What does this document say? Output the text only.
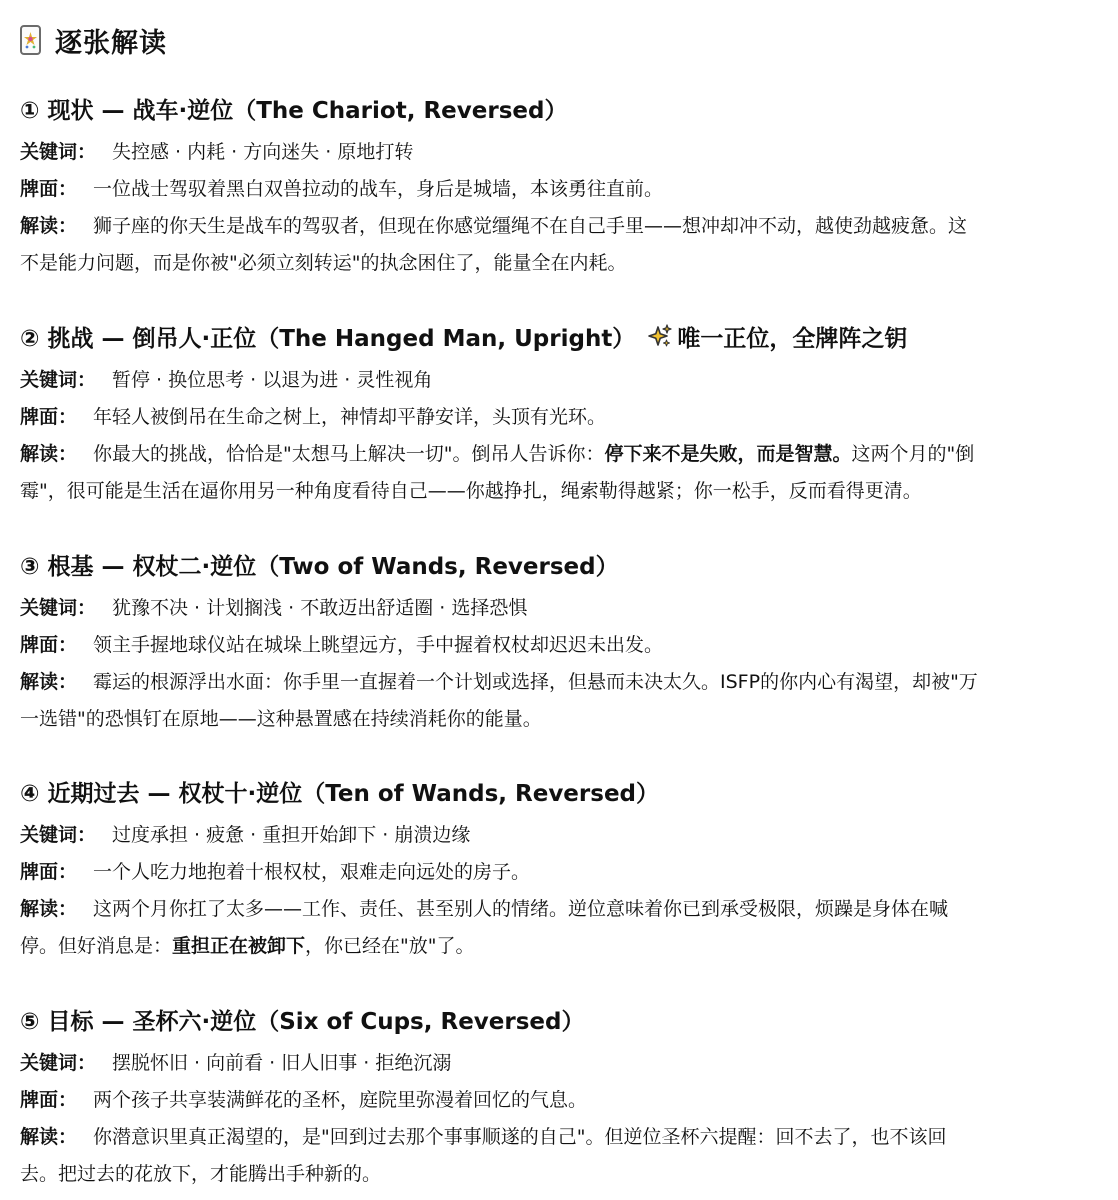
逐张解读
① 现状 — 战车·逆位 （The Chariot, Reversed）
关键词： 失控感 · 内耗 · 方向迷失 · 原地打转
牌面： 一位战士驾驭着黑白双兽拉动的战车，身后是城墙，本该勇往直前。
解读： 狮子座的你天生是战车的驾驭者，但现在你感觉缰绳不在自己手里——想冲却冲不动，越使劲越疲惫。这
不是能力问题，而是你被"必须立刻转运"的执念困住了，能量全在内耗。
② 挑战 — 倒吊人·正位 （The Hanged Man, Upright） 唯一正位，全牌阵之钥
关键词： 暂停 · 换位思考 · 以退为进 · 灵性视角
牌面： 年轻人被倒吊在生命之树上，神情却平静安详，头顶有光环。
解读： 你最大的挑战，恰恰是"太想马上解决一切"。倒吊人告诉你：停下来不是失败，而是智慧。这两个月的"倒
霉"，很可能是生活在逼你用另一种角度看待自己——你越挣扎，绳索勒得越紧；你一松手，反而看得更清。
③ 根基 — 权杖二·逆位 （Two of Wands, Reversed）
关键词： 犹豫不决 · 计划搁浅 · 不敢迈出舒适圈 · 选择恐惧
牌面： 领主手握地球仪站在城垛上眺望远方，手中握着权杖却迟迟未出发。
解读： 霉运的根源浮出水面：你手里一直握着一个计划或选择，但悬而未决太久。ISFP的你内心有渴望，却被"万
一选错"的恐惧钉在原地——这种悬置感在持续消耗你的能量。
④ 近期过去 — 权杖十·逆位 （Ten of Wands, Reversed）
关键词： 过度承担 · 疲惫 · 重担开始卸下 · 崩溃边缘
牌面： 一个人吃力地抱着十根权杖，艰难走向远处的房子。
解读： 这两个月你扛了太多——工作、责任、甚至别人的情绪。逆位意味着你已到承受极限，烦躁是身体在喊
停。但好消息是：重担正在被卸下，你已经在"放"了。
⑤ 目标 — 圣杯六·逆位 （Six of Cups, Reversed）
关键词： 摆脱怀旧 · 向前看 · 旧人旧事 · 拒绝沉溺
牌面： 两个孩子共享装满鲜花的圣杯，庭院里弥漫着回忆的气息。
解读： 你潜意识里真正渴望的，是"回到过去那个事事顺遂的自己"。但逆位圣杯六提醒：回不去了，也不该回
去。把过去的花放下，才能腾出手种新的。
